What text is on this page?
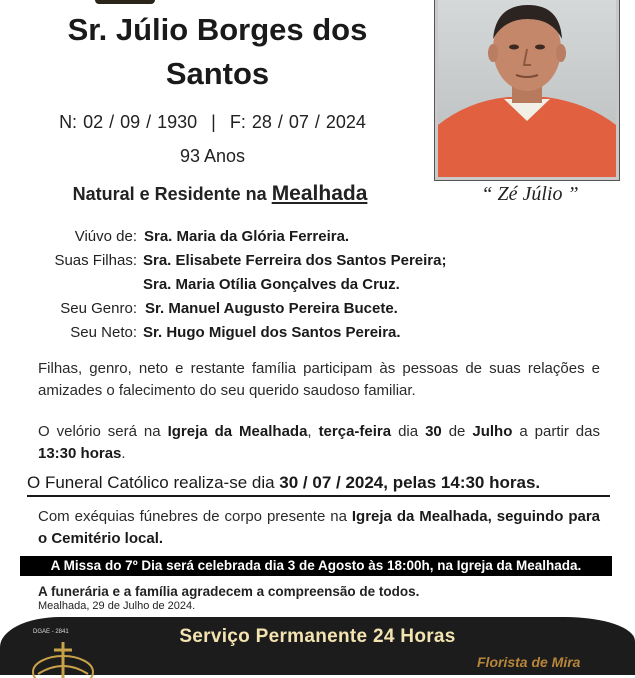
Sr. Júlio Borges dos Santos
N: 02 / 09 / 1930 | F: 28 / 07 / 2024
93 Anos
Natural e Residente na Mealhada	“ Zé Júlio ”
Viúvo de: Sra. Maria da Glória Ferreira.
Suas Filhas: Sra. Elisabete Ferreira dos Santos Pereira;
Sra. Maria Otília Gonçalves da Cruz.
Seu Genro: Sr. Manuel Augusto Pereira Bucete.
Seu Neto: Sr. Hugo Miguel dos Santos Pereira.
Filhas, genro, neto e restante família participam às pessoas de suas relações e amizades o falecimento do seu querido saudoso familiar.
O velório será na Igreja da Mealhada, terça-feira dia 30 de Julho a partir das 13:30 horas.
O Funeral Católico realiza-se dia 30 / 07 / 2024, pelas 14:30 horas.
Com exéquias fúnebres de corpo presente na Igreja da Mealhada, seguindo para o Cemitério local.
A Missa do 7º Dia será celebrada dia 3 de Agosto às 18:00h, na Igreja da Mealhada.
A funerária e a família agradecem a compreensão de todos.
Mealhada, 29 de Julho de 2024.
DGAE - 2841	Serviço Permanente 24 Horas
Florista de Mira
